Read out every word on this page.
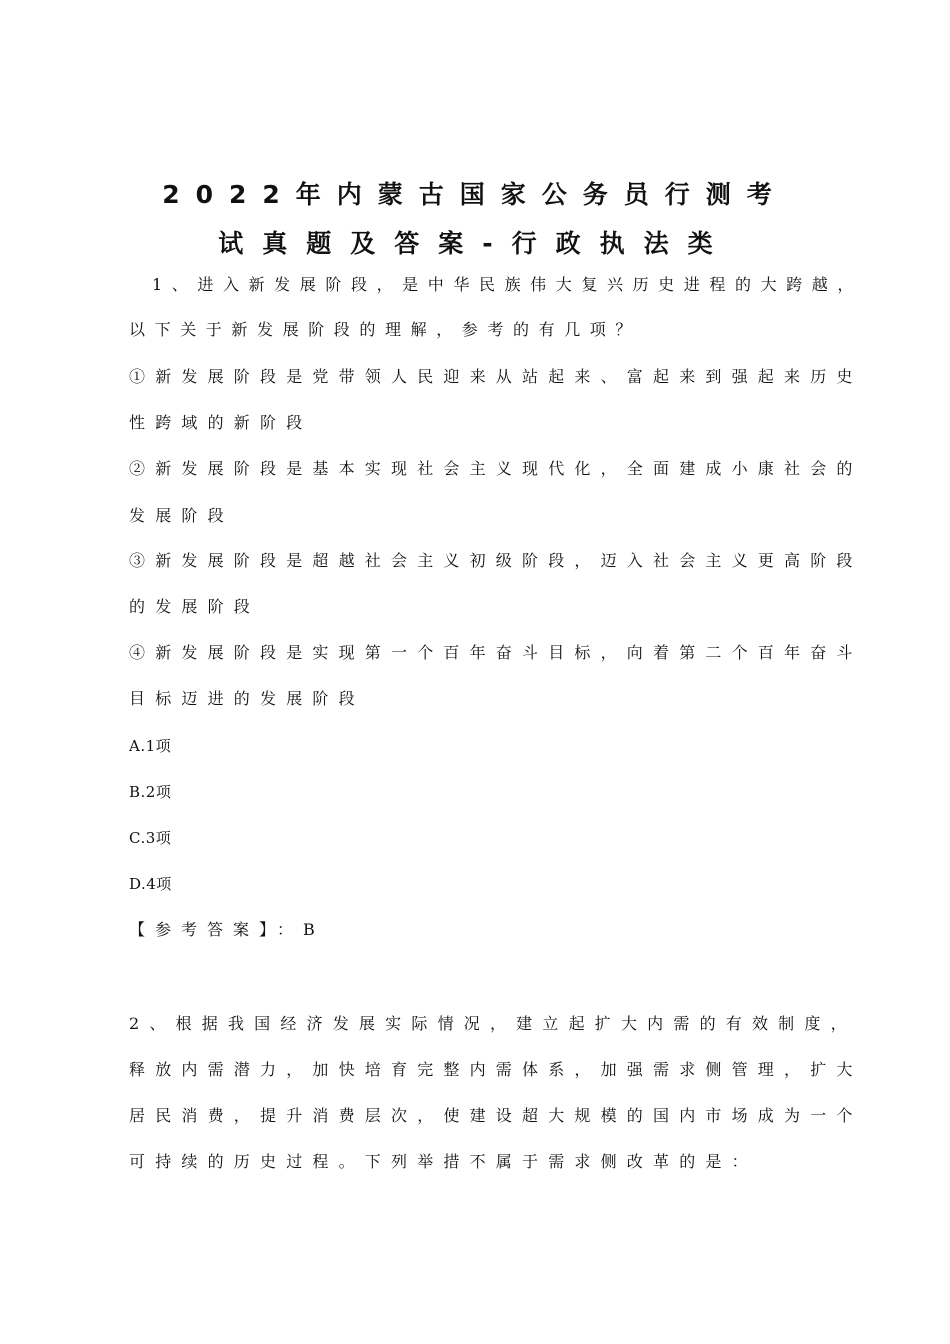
2022年内蒙古国家公务员行测考
试真题及答案-行政执法类
1、进入新发展阶段，是中华民族伟大复兴历史进程的大跨越，
以下关于新发展阶段的理解，参考的有几项？
①新发展阶段是党带领人民迎来从站起来、富起来到强起来历史
性跨域的新阶段
②新发展阶段是基本实现社会主义现代化，全面建成小康社会的
发展阶段
③新发展阶段是超越社会主义初级阶段，迈入社会主义更高阶段
的发展阶段
④新发展阶段是实现第一个百年奋斗目标，向着第二个百年奋斗
目标迈进的发展阶段
A.1项
B.2项
C.3项
D.4项
【参考答案】：B
2、根据我国经济发展实际情况，建立起扩大内需的有效制度，
释放内需潜力，加快培育完整内需体系，加强需求侧管理，扩大
居民消费，提升消费层次，使建设超大规模的国内市场成为一个
可持续的历史过程。下列举措不属于需求侧改革的是：
